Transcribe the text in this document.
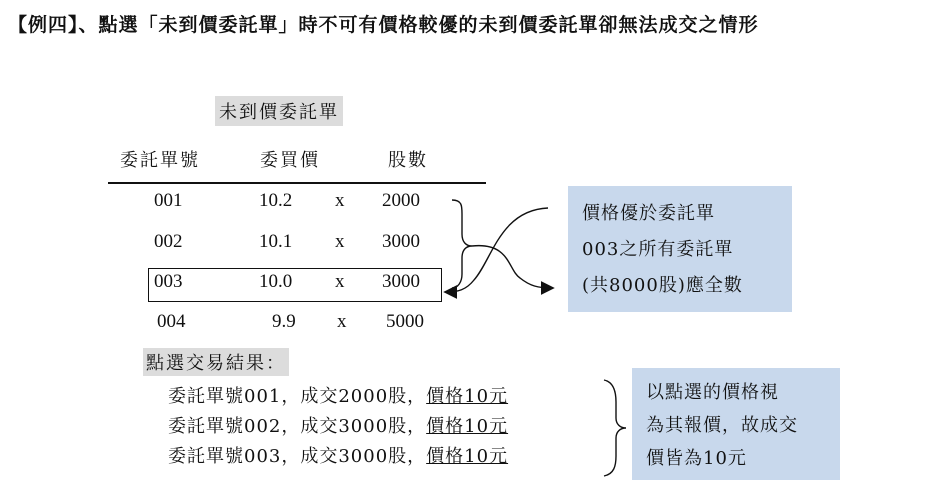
【例四】、點選「未到價委託單」時不可有價格較優的未到價委託單卻無法成交之情形
未到價委託單
委託單號	委買價	股數
001	10.2 x 2000
002	10.1 x 3000
003	10.0 x 3000
004	9.9 x 5000
價格優於委託單
003之所有委託單
(共8000股)應全數
點選交易結果：
委託單號001，成交2000股，價格10元
委託單號002，成交3000股，價格10元
委託單號003，成交3000股，價格10元
以點選的價格視
為其報價，故成交
價皆為10元
